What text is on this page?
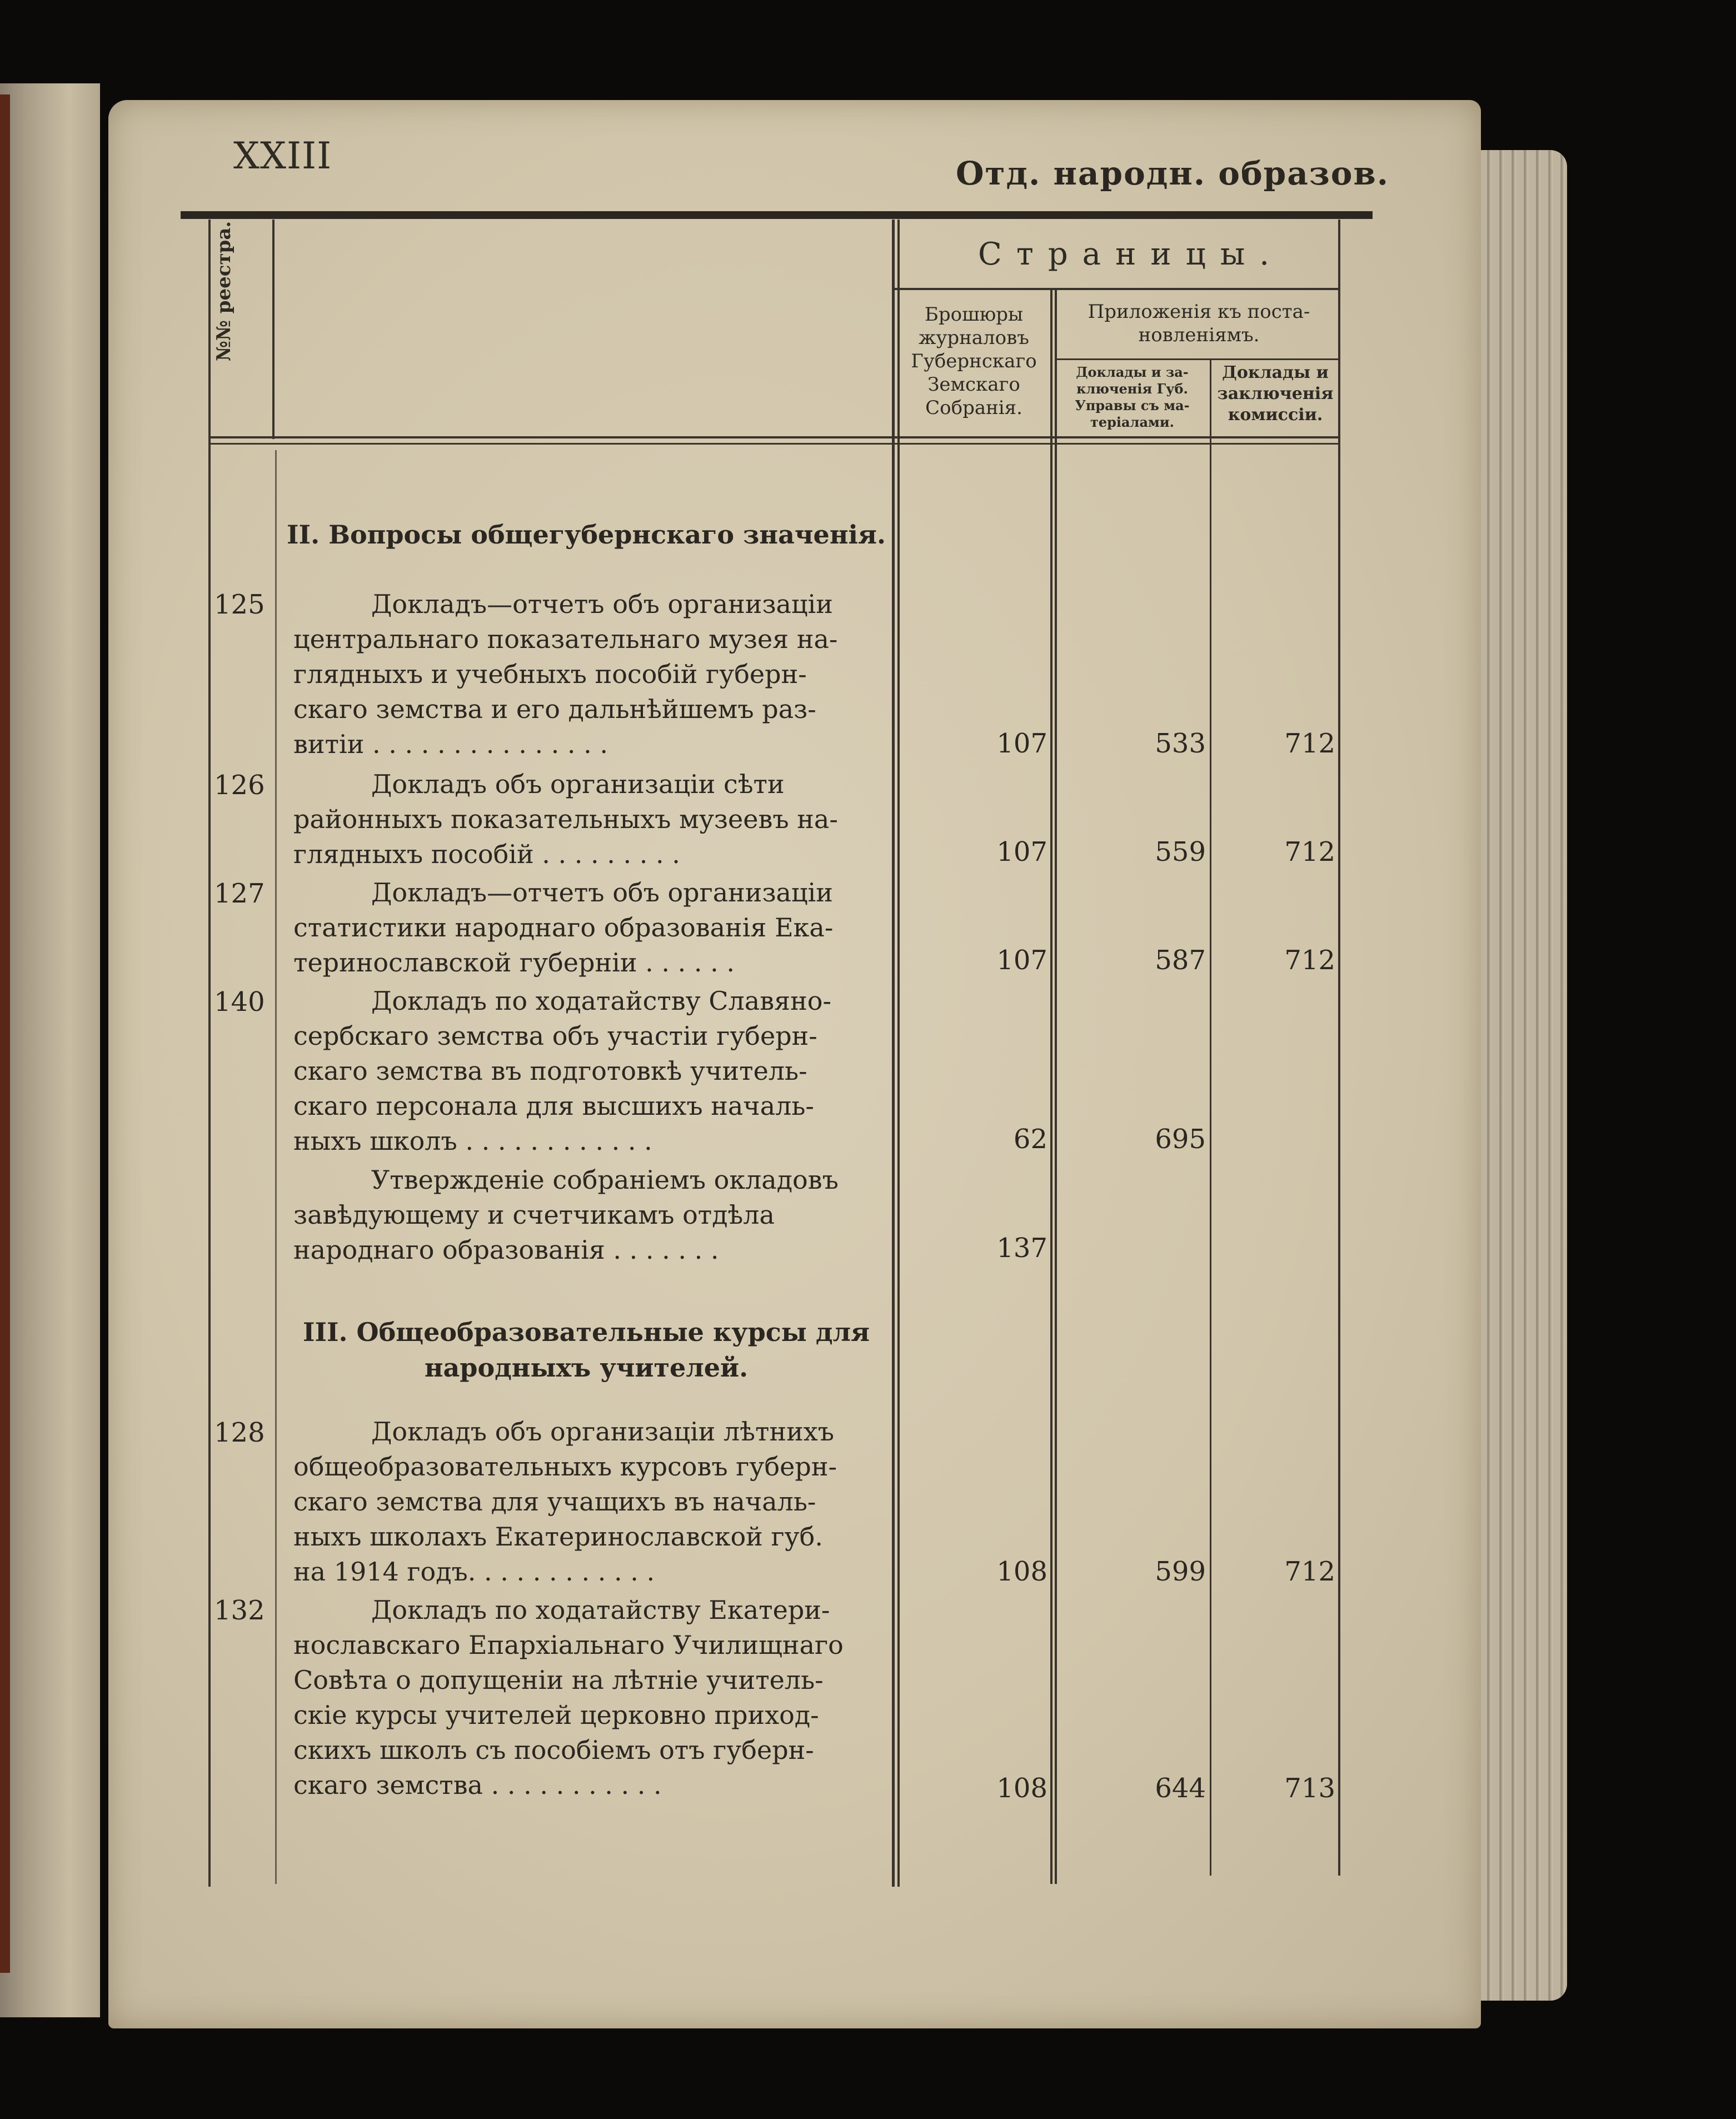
XXIII	Отд. народн. образов.
№№ реестра.	Страницы.
Брошюры
журналовъ
Губернскаго
Земскаго
Собранія.
Приложенія къ поста-
новленіямъ.
Доклады и за-
ключенія Губ.
Управы съ ма-
теріалами.
Доклады и
заключенія
комиссіи.
II. Вопросы общегубернскаго значенія.
125	Докладъ—отчетъ объ организаціи
центральнаго показательнаго музея на-
глядныхъ и учебныхъ пособій губерн-
скаго земства и его дальнѣйшемъ раз-
витіи . . . . . . . . . . . . . . .	107	533	712
126	Докладъ объ организаціи сѣти
районныхъ показательныхъ музеевъ на-
глядныхъ пособій . . . . . . . . .	107	559	712
127	Докладъ—отчетъ объ организаціи
статистики народнаго образованія Ека-
теринославской губерніи . . . . . .	107	587	712
140	Докладъ по ходатайству Славяно-
сербскаго земства объ участіи губерн-
скаго земства въ подготовкѣ учитель-
скаго персонала для высшихъ началь-
ныхъ школъ . . . . . . . . . . . .	62	695
Утвержденіе собраніемъ окладовъ
завѣдующему и счетчикамъ отдѣла
народнаго образованія . . . . . . .	137
III. Общеобразовательные курсы для народныхъ учителей.
128	Докладъ объ организаціи лѣтнихъ
общеобразовательныхъ курсовъ губерн-
скаго земства для учащихъ въ началь-
ныхъ школахъ Екатеринославской губ.
на 1914 годъ. . . . . . . . . . . .	108	599	712
132	Докладъ по ходатайству Екатери-
нославскаго Епархіальнаго Училищнаго
Совѣта о допущеніи на лѣтніе учитель-
скіе курсы учителей церковно приход-
скихъ школъ съ пособіемъ отъ губерн-
скаго земства . . . . . . . . . . .	108	644	713
